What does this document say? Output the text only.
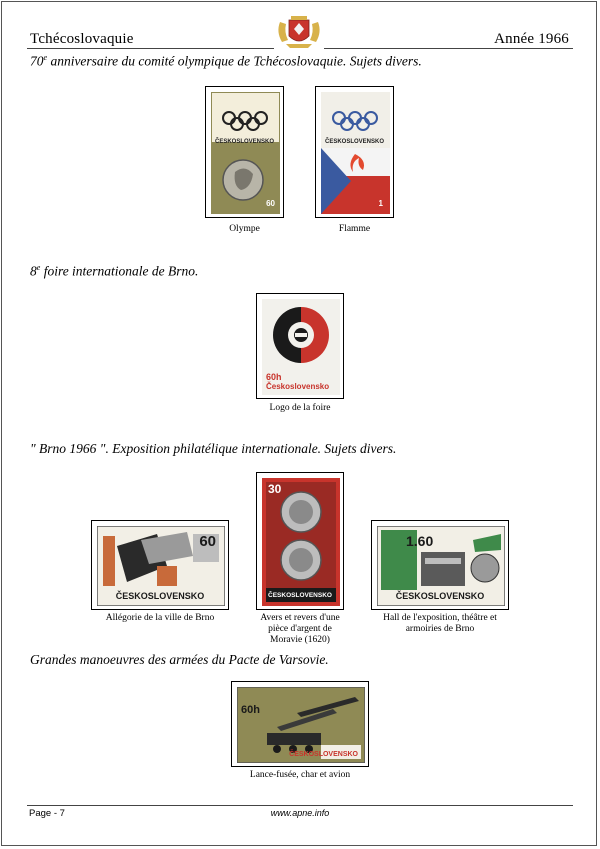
Tchécoslovaquie	Année 1966
70e anniversaire du comité olympique de Tchécoslovaquie. Sujets divers.
ČESKOSLOVENSKO
60
Olympe
ČESKOSLOVENSKO
1
Flamme
8e foire internationale de Brno.
60h
Československo
Logo de la foire
" Brno 1966 ". Exposition philatélique internationale. Sujets divers.
60
ČESKOSLOVENSKO
Allégorie de la ville de Brno
30
ČESKOSLOVENSKO
Avers et revers d'une
pièce d'argent de
Moravie (1620)
1.60
ČESKOSLOVENSKO
Hall de l'exposition, théâtre et
armoiries de Brno
Grandes manoeuvres des armées du Pacte de Varsovie.
60h
ČESKOSLOVENSKO
Lance-fusée, char et avion
Page - 7	www.apne.info
